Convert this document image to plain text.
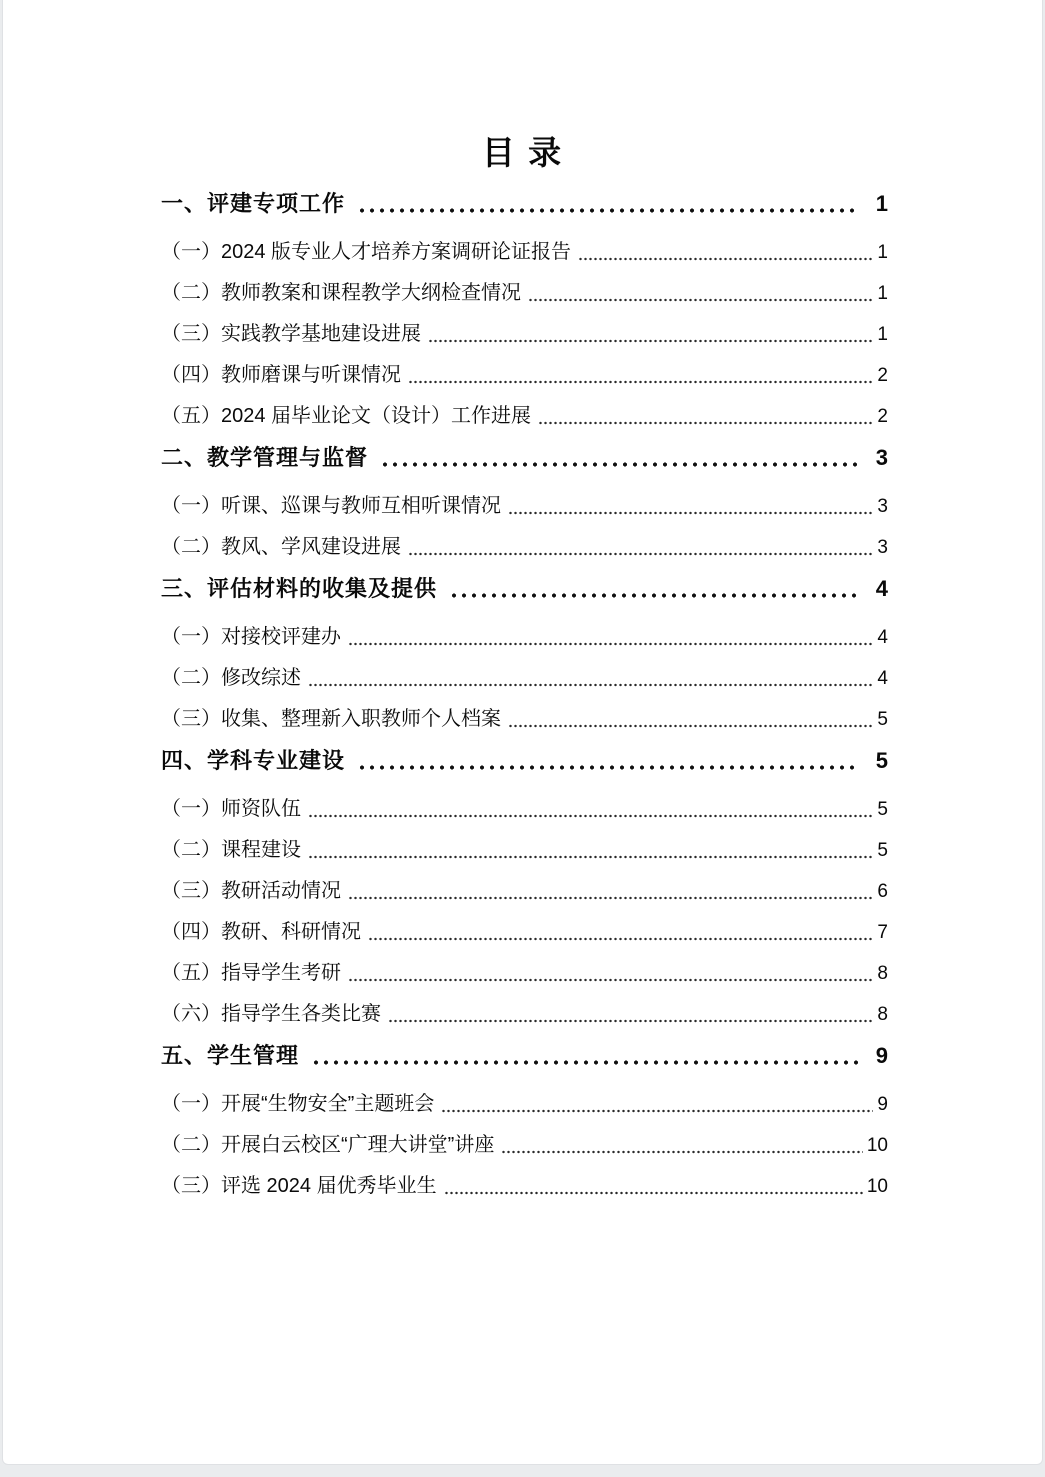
目 录
一、评建专项工作	1
（一）2024 版专业人才培养方案调研论证报告	1
（二）教师教案和课程教学大纲检查情况	1
（三）实践教学基地建设进展	1
（四）教师磨课与听课情况	2
（五）2024 届毕业论文（设计）工作进展	2
二、教学管理与监督	3
（一）听课、巡课与教师互相听课情况	3
（二）教风、学风建设进展	3
三、评估材料的收集及提供	4
（一）对接校评建办	4
（二）修改综述	4
（三）收集、整理新入职教师个人档案	5
四、学科专业建设	5
（一）师资队伍	5
（二）课程建设	5
（三）教研活动情况	6
（四）教研、科研情况	7
（五）指导学生考研	8
（六）指导学生各类比赛	8
五、学生管理	9
（一）开展“生物安全”主题班会	9
（二）开展白云校区“广理大讲堂”讲座	10
（三）评选 2024 届优秀毕业生	10
